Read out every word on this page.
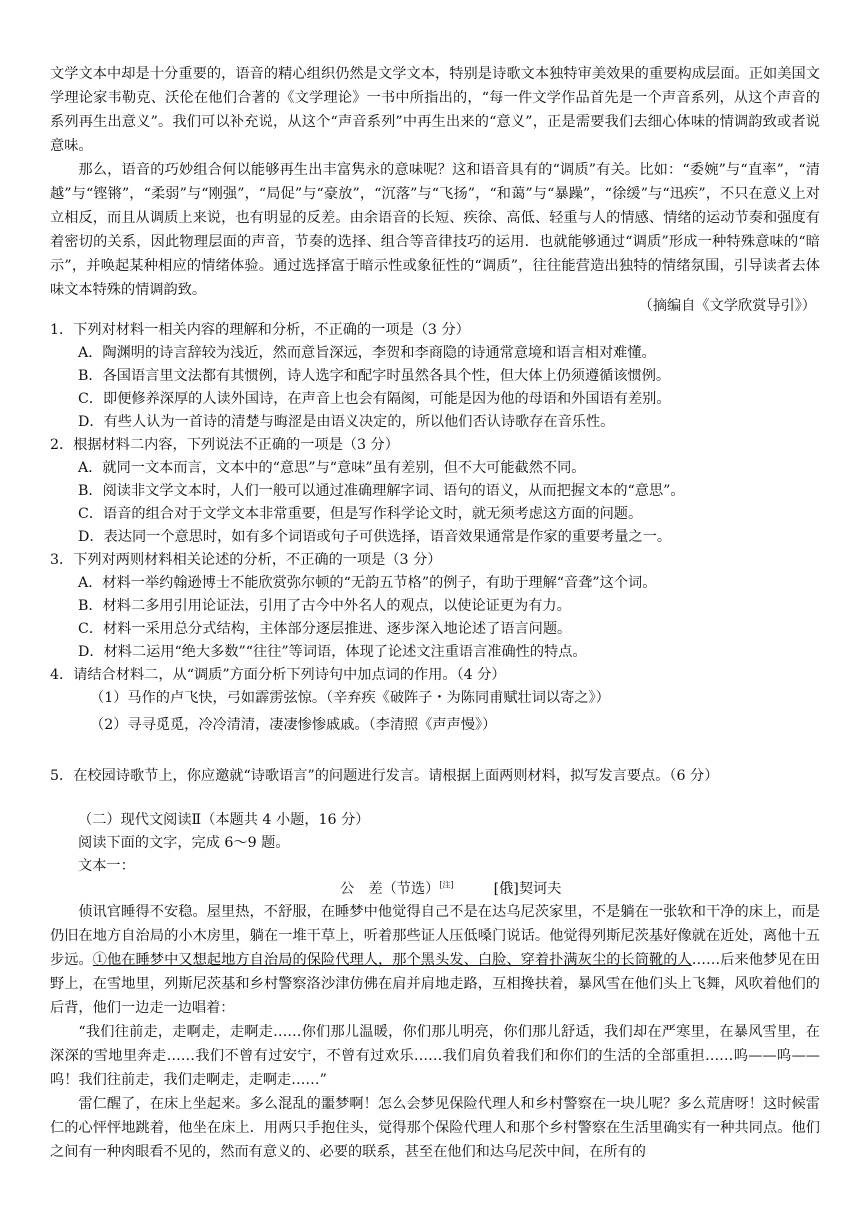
文学文本中却是十分重要的，语音的精心组织仍然是文学文本，特别是诗歌文本独特审美效果的重要构成层面。正如美国文学理论家韦勒克、沃伦在他们合著的《文学理论》一书中所指出的，“每一件文学作品首先是一个声音系列，从这个声音的系列再生出意义”。我们可以补充说，从这个“声音系列”中再生出来的“意义”，正是需要我们去细心体味的情调韵致或者说意味。

那么，语音的巧妙组合何以能够再生出丰富隽永的意味呢？这和语音具有的“调质”有关。比如：“委婉”与“直率”，“清越”与“铿锵”，“柔弱”与“刚强”，“局促”与“豪放”，“沉落”与“飞扬”，“和蔼”与“暴躁”，“徐缓”与“迅疾”，不只在意义上对立相反，而且从调质上来说，也有明显的反差。由余语音的长短、疾徐、高低、轻重与人的情感、情绪的运动节奏和强度有着密切的关系，因此物理层面的声音，节奏的选择、组合等音律技巧的运用．也就能够通过“调质”形成一种特殊意味的“暗示”，并唤起某种相应的情绪体验。通过选择富于暗示性或象征性的“调质”，往往能营造出独特的情绪氛围，引导读者去体味文本特殊的情调韵致。

（摘编自《文学欣赏导引》）
1．下列对材料一相关内容的理解和分析，不正确的一项是（3 分）
A．陶渊明的诗言辞较为浅近，然而意旨深远，李贺和李商隐的诗通常意境和语言相对难懂。
B．各国语言里文法都有其惯例，诗人选字和配字时虽然各具个性，但大体上仍须遵循该惯例。
C．即便修养深厚的人读外国诗，在声音上也会有隔阂，可能是因为他的母语和外国语有差别。
D．有些人认为一首诗的清楚与晦涩是由语义决定的，所以他们否认诗歌存在音乐性。
2．根据材料二内容，下列说法不正确的一项是（3 分）
A．就同一文本而言，文本中的“意思”与“意味”虽有差别，但不大可能截然不同。
B．阅读非文学文本时，人们一般可以通过准确理解字词、语句的语义，从而把握文本的“意思”。
C．语音的组合对于文学文本非常重要，但是写作科学论文时，就无须考虑这方面的问题。
D．表达同一个意思时，如有多个词语或句子可供选择，语音效果通常是作家的重要考量之一。
3．下列对两则材料相关论述的分析，不正确的一项是（3 分）
A．材料一举约翰逊博士不能欣赏弥尔顿的“无韵五节格”的例子，有助于理解“音聋”这个词。
B．材料二多用引用论证法，引用了古今中外名人的观点，以使论证更为有力。
C．材料一采用总分式结构，主体部分逐层推进、逐步深入地论述了语言问题。
D．材料二运用“绝大多数”“往往”等词语，体现了论述文注重语言准确性的特点。
4．请结合材料二，从“调质”方面分析下列诗句中加点词的作用。（4 分）
（1）马作的卢飞快，弓如霹雳弦惊。（辛弃疾《破阵子・为陈同甫赋壮词以寄之》）
（2）寻寻觅觅，冷冷清清，凄凄惨惨戚戚。（李清照《声声慢》）
5．在校园诗歌节上，你应邀就“诗歌语言”的问题进行发言。请根据上面两则材料，拟写发言要点。（6 分）
（二）现代文阅读Ⅱ（本题共 4 小题，16 分）
阅读下面的文字，完成 6～9 题。
文本一：
公　差（节选）[注]	[俄]契诃夫

侦讯官睡得不安稳。屋里热，不舒服，在睡梦中他觉得自己不是在达乌尼茨家里，不是躺在一张软和干净的床上，而是仍旧在地方自治局的小木房里，躺在一堆干草上，听着那些证人压低嗓门说话。他觉得列斯尼茨基好像就在近处，离他十五步远。①他在睡梦中又想起地方自治局的保险代理人，那个黑头发、白脸、穿着扑满灰尘的长筒靴的人……后来他梦见在田野上，在雪地里，列斯尼茨基和乡村警察洛沙津仿佛在肩并肩地走路，互相搀扶着，暴风雪在他们头上飞舞，风吹着他们的后背，他们一边走一边唱着：

“我们往前走，走啊走，走啊走……你们那儿温暖，你们那儿明亮，你们那儿舒适，我们却在严寒里，在暴风雪里，在深深的雪地里奔走……我们不曾有过安宁，不曾有过欢乐……我们肩负着我们和你们的生活的全部重担……呜——呜——呜！我们往前走，我们走啊走，走啊走……”

雷仁醒了，在床上坐起来。多么混乱的噩梦啊！怎么会梦见保险代理人和乡村警察在一块儿呢？多么荒唐呀！这时候雷仁的心怦怦地跳着，他坐在床上．用两只手抱住头，觉得那个保险代理人和那个乡村警察在生活里确实有一种共同点。他们之间有一种肉眼看不见的，然而有意义的、必要的联系，甚至在他们和达乌尼茨中间，在所有的
